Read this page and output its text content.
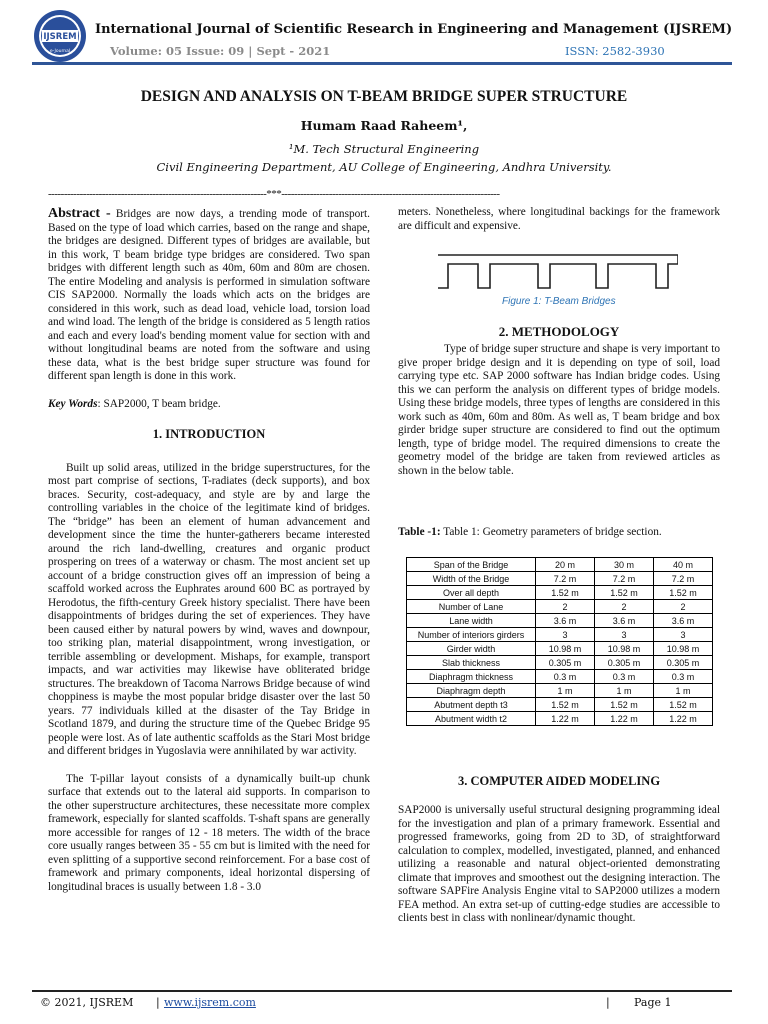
IJSREM
e-Journal
International Journal of Scientific Research in Engineering and Management (IJSREM)
Volume: 05 Issue: 09 | Sept - 2021	ISSN: 2582-3930
DESIGN AND ANALYSIS ON T-BEAM BRIDGE SUPER STRUCTURE
Humam Raad Raheem¹,
¹M. Tech Structural Engineering
Civil Engineering Department, AU College of Engineering, Andhra University.
---------------------------------------------------------------------***---------------------------------------------------------------------

Abstract - Bridges are now days, a trending mode of transport. Based on the type of load which carries, based on the range and shape, the bridges are designed. Different types of bridges are available, but in this work, T beam bridge type bridges are considered. Two span bridges with different length such as 40m, 60m and 80m are chosen. The entire Modeling and analysis is performed in simulation software CIS SAP2000. Normally the loads which acts on the bridges are considered in this work, such as dead load, vehicle load, torsion load and wind load. The length of the bridge is considered as 5 length ratios and each and every load's bending moment value for section with and without longitudinal beams are noted from the software and using these data, what is the best bridge super structure was found for different span length is done in this work.

Key Words: SAP2000, T beam bridge.

1. INTRODUCTION

Built up solid areas, utilized in the bridge superstructures, for the most part comprise of sections, T-radiates (deck supports), and box braces. Security, cost-adequacy, and style are by and large the controlling variables in the choice of the legitimate kind of bridges. The “bridge” has been an element of human advancement and development since the time the hunter-gatherers became interested around the rich land-dwelling, creatures and organic product prospering on trees of a waterway or chasm. The most ancient set up account of a bridge construction gives off an impression of being a scaffold worked across the Euphrates around 600 BC as portrayed by Herodotus, the fifth-century Greek history specialist. There have been disappointments of bridges during the set of experiences. They have been caused either by natural powers by wind, waves and downpour, too striking plan, material disappointment, wrong investigation, or terrible assembling or development. Mishaps, for example, transport impacts, and war activities may likewise have obliterated bridge structures. The breakdown of Tacoma Narrows Bridge because of wind choppiness is maybe the most popular bridge disaster over the last 50 years. 77 individuals killed at the disaster of the Tay Bridge in Scotland 1879, and during the structure time of the Quebec Bridge 95 people were lost. As of late authentic scaffolds as the Stari Most bridge and different bridges in Yugoslavia were annihilated by war activity.

The T-pillar layout consists of a dynamically built-up chunk surface that extends out to the lateral aid supports. In comparison to the other superstructure architectures, these necessitate more complex framework, especially for slanted scaffolds. T-shaft spans are generally more accessible for ranges of 12 - 18 meters. The width of the brace core usually ranges between 35 - 55 cm but is limited with the need for even splitting of a supportive second reinforcement. For a base cost of framework and primary components, ideal horizontal dispersing of longitudinal braces is usually between 1.8 - 3.0

meters. Nonetheless, where longitudinal backings for the framework are difficult and expensive.
Figure 1: T-Beam Bridges
2. METHODOLOGY

Type of bridge super structure and shape is very important to give proper bridge design and it is depending on type of soil, load carrying type etc. SAP 2000 software has Indian bridge codes. Using this we can perform the analysis on different types of bridge models. Using these bridge models, three types of lengths are considered in this work such as 40m, 60m and 80m. As well as, T beam bridge and box girder bridge super structure are considered to find out the optimum length, type of bridge model. The required dimensions to create the geometry model of the bridge are taken from reviewed articles as shown in the below table.

Table -1: Table 1: Geometry parameters of bridge section.
Span of the Bridge	20 m	30 m	40 m
Width of the Bridge	7.2 m	7.2 m	7.2 m
Over all depth	1.52 m	1.52 m	1.52 m
Number of Lane	2	2	2
Lane width	3.6 m	3.6 m	3.6 m
Number of interiors girders	3	3	3
Girder width	10.98 m	10.98 m	10.98 m
Slab thickness	0.305 m	0.305 m	0.305 m
Diaphragm thickness	0.3 m	0.3 m	0.3 m
Diaphragm depth	1 m	1 m	1 m
Abutment depth t3	1.52 m	1.52 m	1.52 m
Abutment width t2	1.22 m	1.22 m	1.22 m
3. COMPUTER AIDED MODELING

SAP2000 is universally useful structural designing programming ideal for the investigation and plan of a primary framework. Essential and progressed frameworks, going from 2D to 3D, of straightforward calculation to complex, modelled, investigated, planned, and enhanced utilizing a reasonable and natural object-oriented demonstrating climate that improves and smoothest out the designing interaction. The software SAPFire Analysis Engine vital to SAP2000 utilizes a modern FEA method. An extra set-up of cutting-edge studies are accessible to clients best in class with nonlinear/dynamic thought.

© 2021, IJSREM | www.ijsrem.com	| Page 1
